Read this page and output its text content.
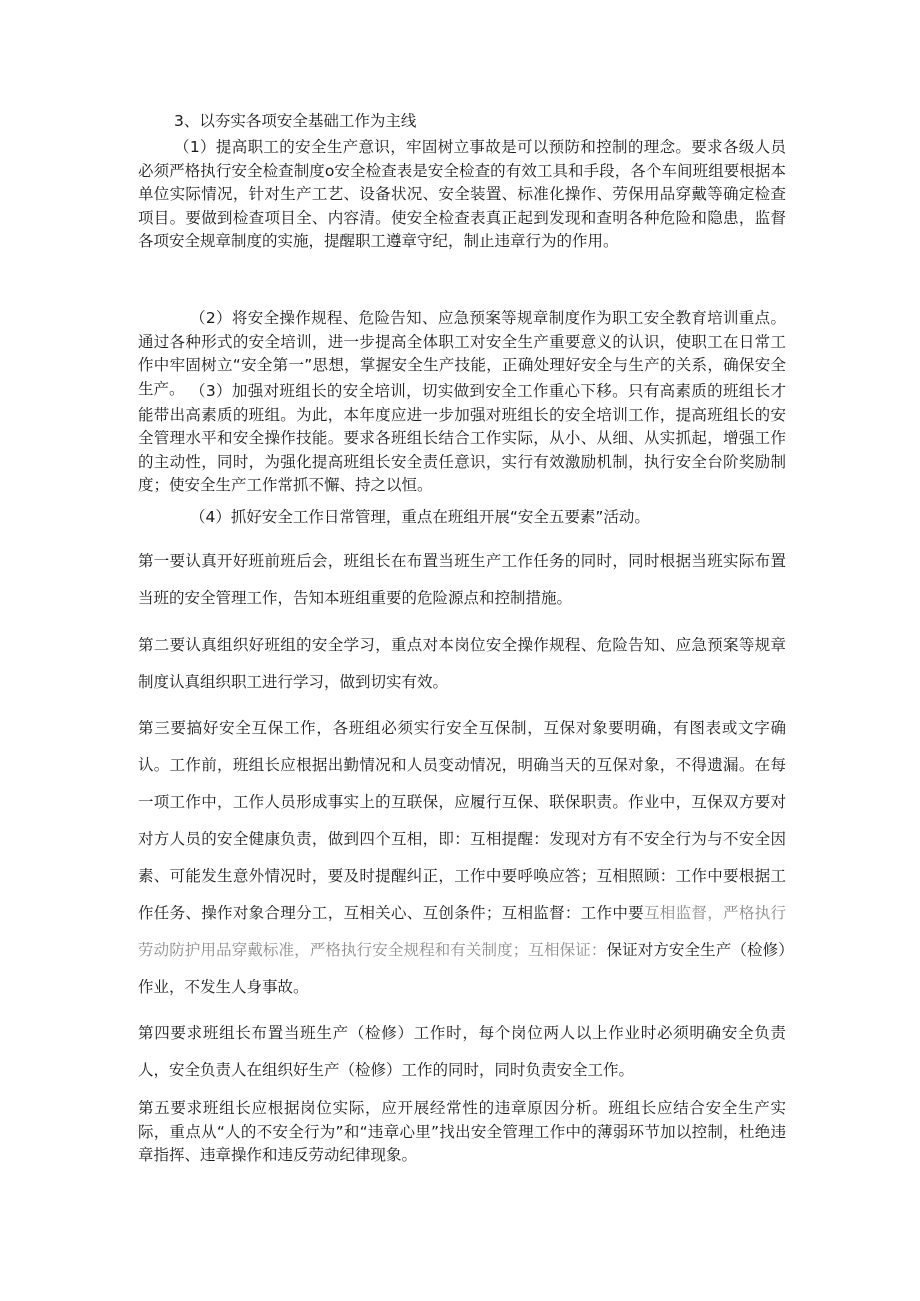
3、以夯实各项安全基础工作为主线

（1）提高职工的安全生产意识，牢固树立事故是可以预防和控制的理念。要求各级人员必须严格执行安全检查制度o安全检查表是安全检查的有效工具和手段，各个车间班组要根据本单位实际情况，针对生产工艺、设备状况、安全装置、标准化操作、劳保用品穿戴等确定检查项目。要做到检查项目全、内容清。使安全检查表真正起到发现和查明各种危险和隐患，监督各项安全规章制度的实施，提醒职工遵章守纪，制止违章行为的作用。

（2）将安全操作规程、危险告知、应急预案等规章制度作为职工安全教育培训重点。通过各种形式的安全培训，进一步提高全体职工对安全生产重要意义的认识，使职工在日常工作中牢固树立“安全第一”思想，掌握安全生产技能，正确处理好安全与生产的关系，确保安全生产。 （3）加强对班组长的安全培训，切实做到安全工作重心下移。只有高素质的班组长才能带出高素质的班组。为此，本年度应进一步加强对班组长的安全培训工作，提高班组长的安全管理水平和安全操作技能。要求各班组长结合工作实际，从小、从细、从实抓起，增强工作的主动性，同时，为强化提高班组长安全责任意识，实行有效激励机制，执行安全台阶奖励制度；使安全生产工作常抓不懈、持之以恒。

（4）抓好安全工作日常管理，重点在班组开展“安全五要素”活动。

第一要认真开好班前班后会，班组长在布置当班生产工作任务的同时，同时根据当班实际布置当班的安全管理工作，告知本班组重要的危险源点和控制措施。

第二要认真组织好班组的安全学习，重点对本岗位安全操作规程、危险告知、应急预案等规章制度认真组织职工进行学习，做到切实有效。

第三要搞好安全互保工作，各班组必须实行安全互保制，互保对象要明确，有图表或文字确认。工作前，班组长应根据出勤情况和人员变动情况，明确当天的互保对象，不得遗漏。在每一项工作中，工作人员形成事实上的互联保，应履行互保、联保职责。作业中，互保双方要对对方人员的安全健康负责，做到四个互相，即：互相提醒：发现对方有不安全行为与不安全因素、可能发生意外情况时，要及时提醒纠正，工作中要呼唤应答；互相照顾：工作中要根据工作任务、操作对象合理分工，互相关心、互创条件；互相监督：工作中要互相监督，严格执行劳动防护用品穿戴标准，严格执行安全规程和有关制度；互相保证：保证对方安全生产（检修）作业，不发生人身事故。

第四要求班组长布置当班生产（检修）工作时，每个岗位两人以上作业时必须明确安全负责人，安全负责人在组织好生产（检修）工作的同时，同时负责安全工作。

第五要求班组长应根据岗位实际，应开展经常性的违章原因分析。班组长应结合安全生产实际，重点从“人的不安全行为”和“违章心里”找出安全管理工作中的薄弱环节加以控制，杜绝违章指挥、违章操作和违反劳动纪律现象。
